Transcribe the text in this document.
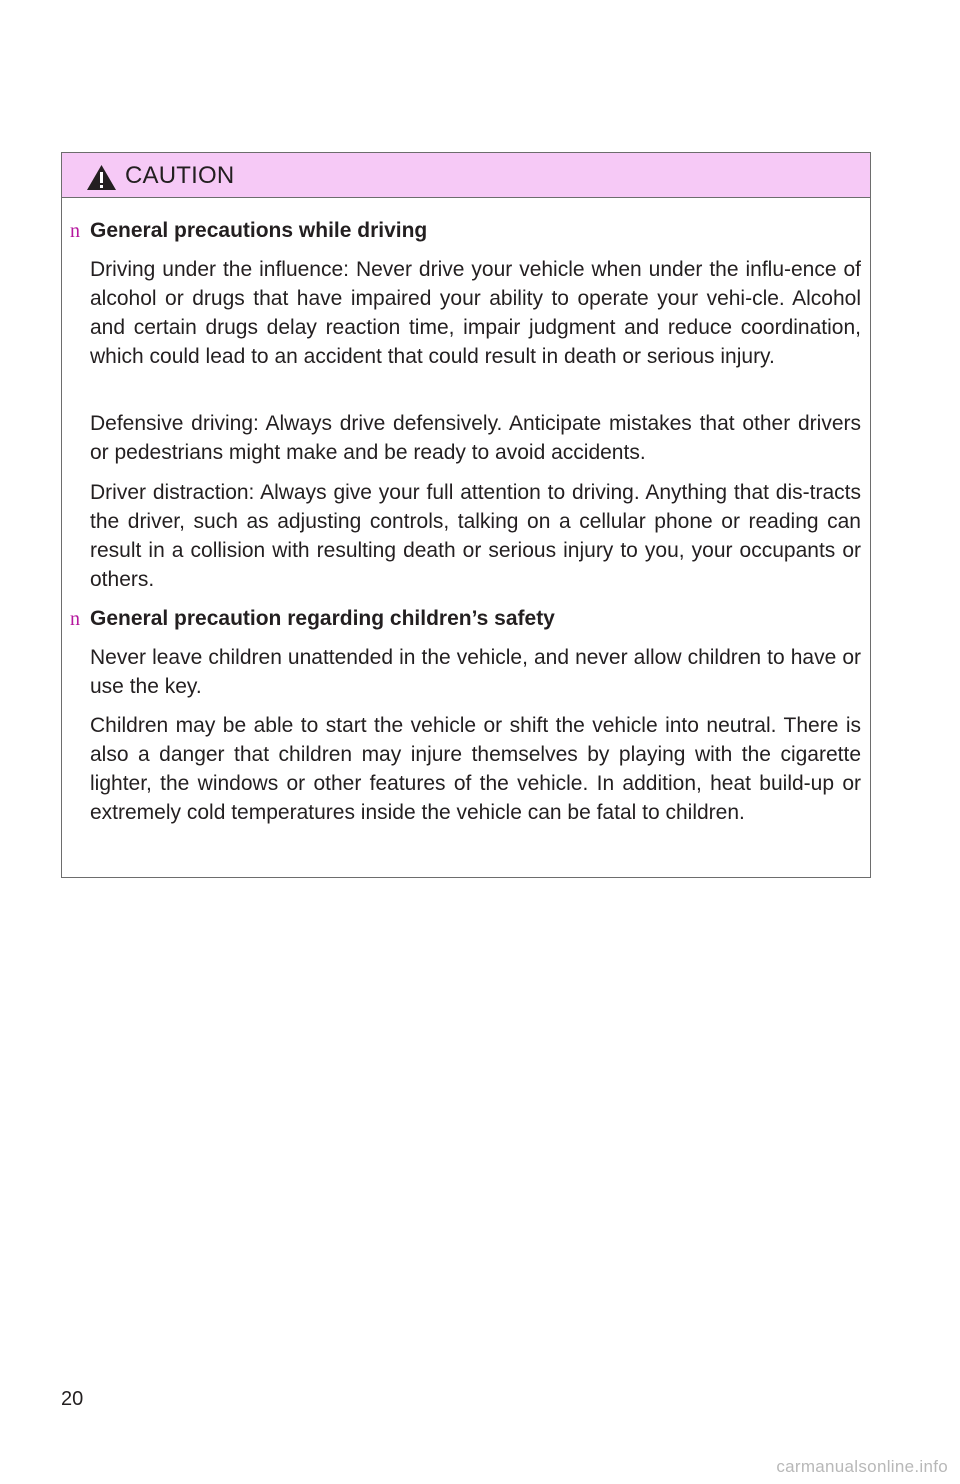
CAUTION
n General precautions while driving
Driving under the influence: Never drive your vehicle when under the influ-ence of alcohol or drugs that have impaired your ability to operate your vehi-cle. Alcohol and certain drugs delay reaction time, impair judgment and reduce coordination, which could lead to an accident that could result in death or serious injury.
Defensive driving: Always drive defensively. Anticipate mistakes that other drivers or pedestrians might make and be ready to avoid accidents.
Driver distraction: Always give your full attention to driving. Anything that dis-tracts the driver, such as adjusting controls, talking on a cellular phone or reading can result in a collision with resulting death or serious injury to you, your occupants or others.
n General precaution regarding children’s safety
Never leave children unattended in the vehicle, and never allow children to have or use the key.
Children may be able to start the vehicle or shift the vehicle into neutral. There is also a danger that children may injure themselves by playing with the cigarette lighter, the windows or other features of the vehicle. In addition, heat build-up or extremely cold temperatures inside the vehicle can be fatal to children.
20
carmanualsonline.info
